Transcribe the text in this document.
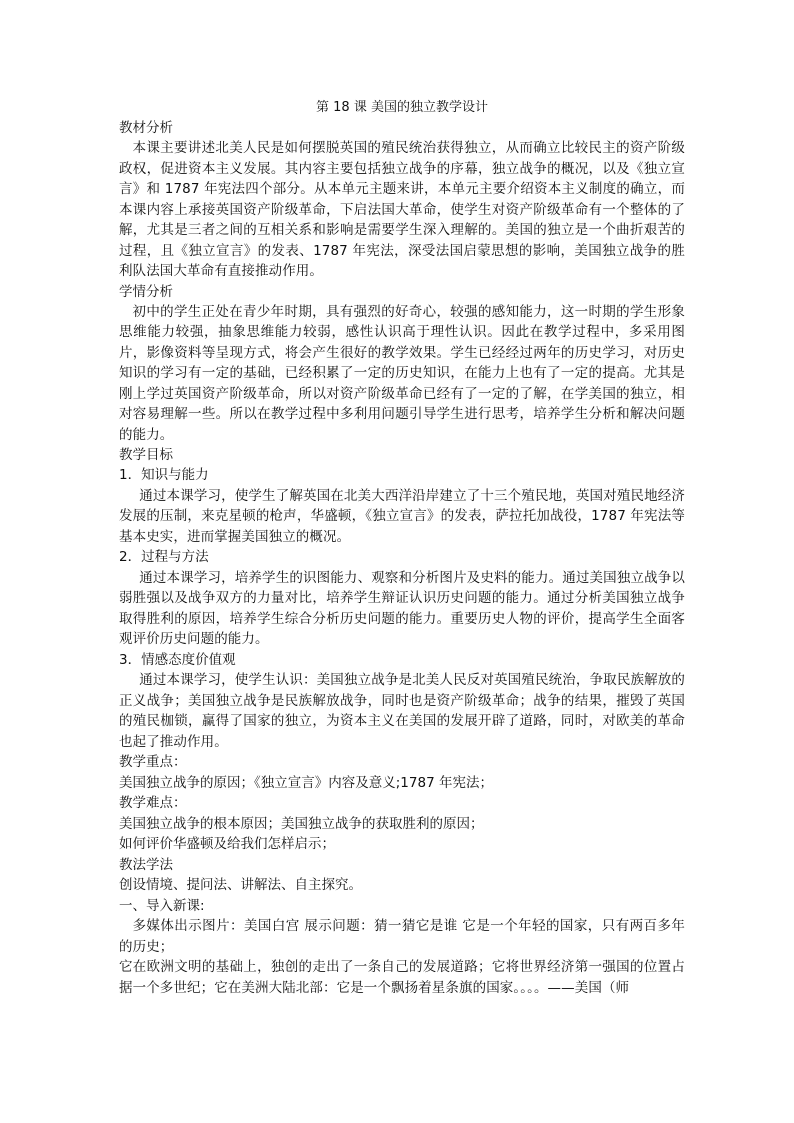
第 18 课 美国的独立教学设计

教材分析

本课主要讲述北美人民是如何摆脱英国的殖民统治获得独立，从而确立比较民主的资产阶级政权，促进资本主义发展。其内容主要包括独立战争的序幕，独立战争的概况，以及《独立宣言》和 1787 年宪法四个部分。从本单元主题来讲，本单元主要介绍资本主义制度的确立，而本课内容上承接英国资产阶级革命，下启法国大革命，使学生对资产阶级革命有一个整体的了解，尤其是三者之间的互相关系和影响是需要学生深入理解的。美国的独立是一个曲折艰苦的过程，且《独立宣言》的发表、1787 年宪法，深受法国启蒙思想的影响，美国独立战争的胜利队法国大革命有直接推动作用。

学情分析

初中的学生正处在青少年时期，具有强烈的好奇心，较强的感知能力，这一时期的学生形象思维能力较强，抽象思维能力较弱，感性认识高于理性认识。因此在教学过程中，多采用图片，影像资料等呈现方式，将会产生很好的教学效果。学生已经经过两年的历史学习，对历史知识的学习有一定的基础，已经积累了一定的历史知识，在能力上也有了一定的提高。尤其是刚上学过英国资产阶级革命，所以对资产阶级革命已经有了一定的了解，在学美国的独立，相对容易理解一些。所以在教学过程中多利用问题引导学生进行思考，培养学生分析和解决问题的能力。

教学目标

1．知识与能力

通过本课学习，使学生了解英国在北美大西洋沿岸建立了十三个殖民地，英国对殖民地经济发展的压制，来克星顿的枪声，华盛顿，《独立宣言》的发表，萨拉托加战役，1787 年宪法等基本史实，进而掌握美国独立的概况。

2．过程与方法

通过本课学习，培养学生的识图能力、观察和分析图片及史料的能力。通过美国独立战争以弱胜强以及战争双方的力量对比，培养学生辩证认识历史问题的能力。通过分析美国独立战争取得胜利的原因，培养学生综合分析历史问题的能力。重要历史人物的评价，提高学生全面客观评价历史问题的能力。

3．情感态度价值观

通过本课学习，使学生认识：美国独立战争是北美人民反对英国殖民统治，争取民族解放的正义战争；美国独立战争是民族解放战争，同时也是资产阶级革命；战争的结果，摧毁了英国的殖民枷锁，赢得了国家的独立，为资本主义在美国的发展开辟了道路，同时，对欧美的革命也起了推动作用。

教学重点：

美国独立战争的原因；《独立宣言》内容及意义;1787 年宪法；

教学难点：

美国独立战争的根本原因；美国独立战争的获取胜利的原因；

如何评价华盛顿及给我们怎样启示；

教法学法

创设情境、提问法、讲解法、自主探究。

一、导入新课:

多媒体出示图片：美国白宫 展示问题：猜一猜它是谁 它是一个年轻的国家，只有两百多年的历史；

它在欧洲文明的基础上，独创的走出了一条自己的发展道路；它将世界经济第一强国的位置占据一个多世纪；它在美洲大陆北部：它是一个飘扬着星条旗的国家。。。。——美国（师
